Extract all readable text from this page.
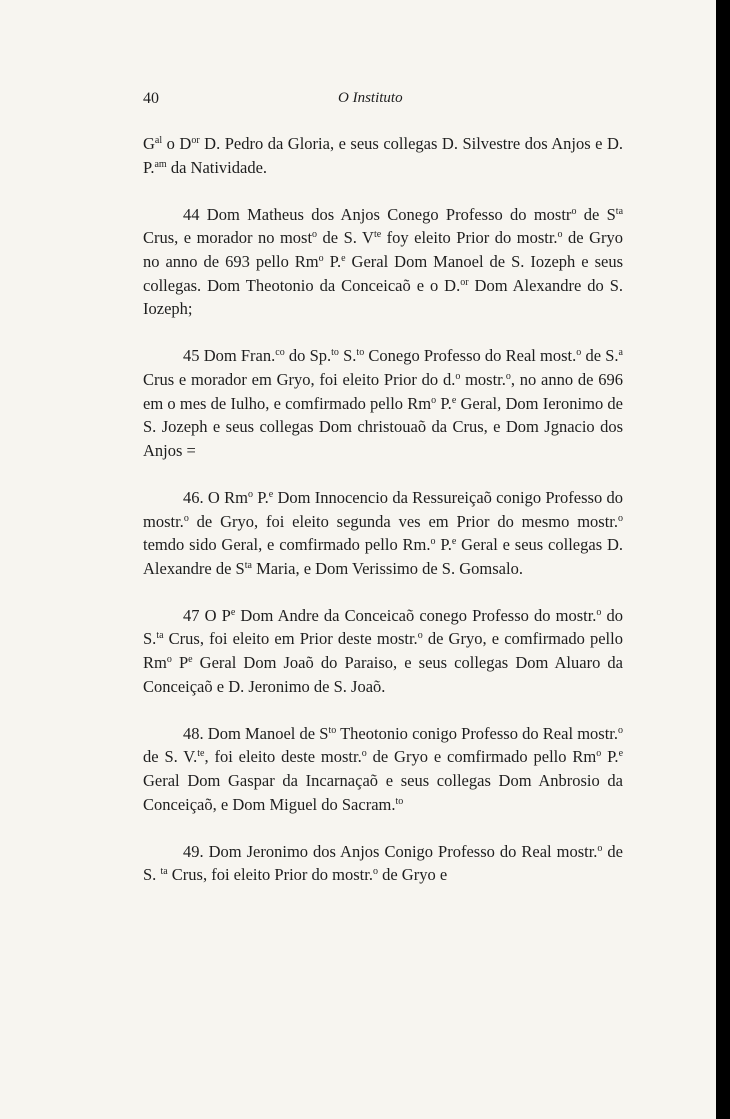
40	O Instituto

$G^{al}$ o $D^{or}$ D. Pedro da Gloria, e seus collegas D. Silvestre dos Anjos e D. P.$^{am}$ da Natividade.

44 Dom Matheus dos Anjos Conego Professo do mostr$^o$ de $S^{ta}$ Crus, e morador no most$^o$ de S. $V^{te}$ foy eleito Prior do mostr.$^o$ de Gryo no anno de 693 pello Rm$^o$ P.$^e$ Geral Dom Manoel de S. Iozeph e seus collegas. Dom Theotonio da Conceicaõ e o D.$^{or}$ Dom Alexandre do S. Iozeph;

45 Dom Fran.$^{co}$ do Sp.$^{to}$ S.$^{to}$ Conego Professo do Real most.$^o$ de S.$^a$ Crus e morador em Gryo, foi eleito Prior do d.$^o$ mostr.$^o$, no anno de 696 em o mes de Iulho, e comfirmado pello Rm$^o$ P.$^e$ Geral, Dom Ieronimo de S. Jozeph e seus collegas Dom christouaõ da Crus, e Dom Jgnacio dos Anjos =

46. O Rm$^o$ P.$^e$ Dom Innocencio da Ressureiçaõ conigo Professo do mostr.$^o$ de Gryo, foi eleito segunda ves em Prior do mesmo mostr.$^o$ temdo sido Geral, e comfirmado pello Rm.$^o$ P.$^e$ Geral e seus collegas D. Alexandre de $S^{ta}$ Maria, e Dom Verissimo de S. Gomsalo.

47 O $P^e$ Dom Andre da Conceicaõ conego Professo do mostr.$^o$ do S.$^{ta}$ Crus, foi eleito em Prior deste mostr.$^o$ de Gryo, e comfirmado pello Rm$^o$ $P^e$ Geral Dom Joaõ do Paraiso, e seus collegas Dom Aluaro da Conceiçaõ e D. Jeronimo de S. Joaõ.

48. Dom Manoel de $S^{to}$ Theotonio conigo Professo do Real mostr.$^o$ de S. V.$^{te}$, foi eleito deste mostr.$^o$ de Gryo e comfirmado pello Rm$^o$ P.$^e$ Geral Dom Gaspar da Incarnaçaõ e seus collegas Dom Anbrosio da Conceiçaõ, e Dom Miguel do Sacram.$^{to}$

49. Dom Jeronimo dos Anjos Conigo Professo do Real mostr.$^o$ de S. $^{ta}$ Crus, foi eleito Prior do mostr.$^o$ de Gryo e
